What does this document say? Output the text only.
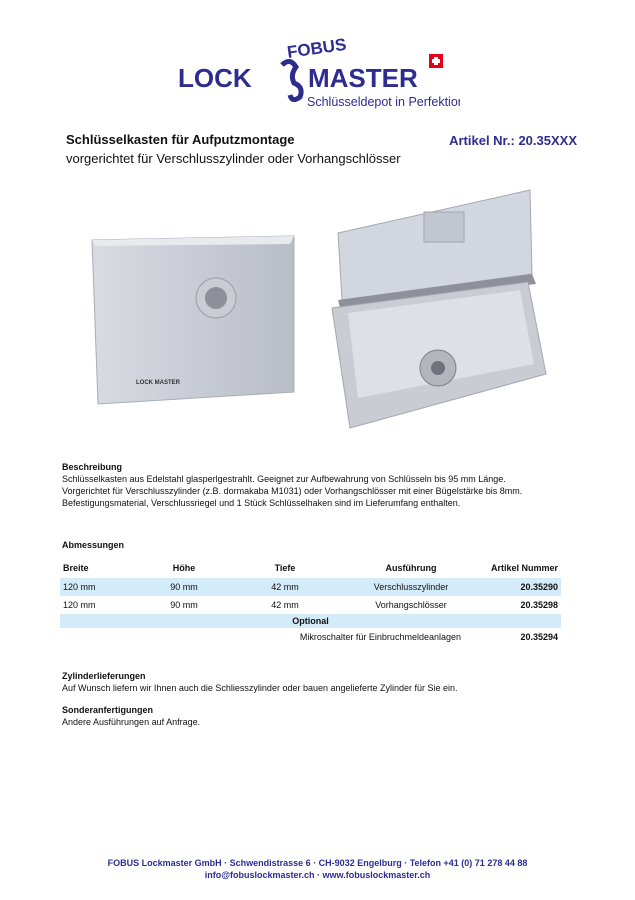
FOBUS
LOCK MASTER
Schlüsseldepot in Perfektion
Schlüsselkasten für Aufputzmontage
vorgerichtet für Verschlusszylinder oder Vorhangschlösser
Artikel Nr.: 20.35XXX
LOCK MASTER
Beschreibung
Schlüsselkasten aus Edelstahl glasperlgestrahlt. Geeignet zur Aufbewahrung von Schlüsseln bis 95 mm Länge.
Vorgerichtet für Verschlusszylinder (z.B. dormakaba M1031) oder Vorhangschlösser mit einer Bügelstärke bis 8mm.
Befestigungsmaterial, Verschlussriegel und 1 Stück Schlüsselhaken sind im Lieferumfang enthalten.
Abmessungen
Breite	Höhe	Tiefe	Ausführung	Artikel Nummer
120 mm	90 mm	42 mm	Verschlusszylinder	20.35290
120 mm	90 mm	42 mm	Vorhangschlösser	20.35298
Optional				
Mikroschalter für Einbruchmeldeanlagen				20.35294
Zylinderlieferungen
Auf Wunsch liefern wir Ihnen auch die Schliesszylinder oder bauen angelieferte Zylinder für Sie ein.
Sonderanfertigungen
Andere Ausführungen auf Anfrage.
FOBUS Lockmaster GmbH · Schwendistrasse 6 · CH-9032 Engelburg · Telefon +41 (0) 71 278 44 88
info@fobuslockmaster.ch · www.fobuslockmaster.ch
